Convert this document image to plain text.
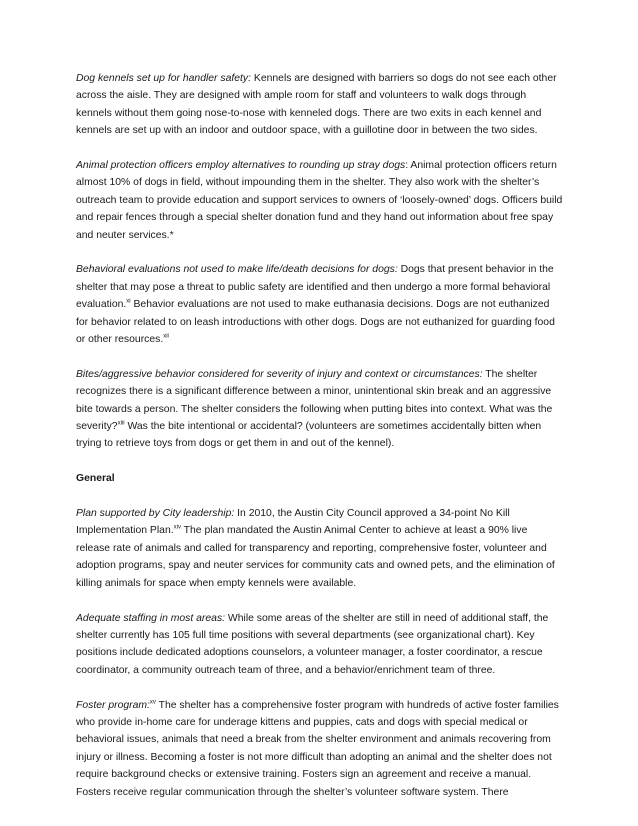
Dog kennels set up for handler safety: Kennels are designed with barriers so dogs do not see each other across the aisle. They are designed with ample room for staff and volunteers to walk dogs through kennels without them going nose-to-nose with kenneled dogs. There are two exits in each kennel and kennels are set up with an indoor and outdoor space, with a guillotine door in between the two sides.

Animal protection officers employ alternatives to rounding up stray dogs: Animal protection officers return almost 10% of dogs in field, without impounding them in the shelter. They also work with the shelter’s outreach team to provide education and support services to owners of ‘loosely-owned’ dogs. Officers build and repair fences through a special shelter donation fund and they hand out information about free spay and neuter services.*

Behavioral evaluations not used to make life/death decisions for dogs: Dogs that present behavior in the shelter that may pose a threat to public safety are identified and then undergo a more formal behavioral evaluation.$^{xi}$ Behavior evaluations are not used to make euthanasia decisions. Dogs are not euthanized for behavior related to on leash introductions with other dogs. Dogs are not euthanized for guarding food or other resources.$^{xii}$

Bites/aggressive behavior considered for severity of injury and context or circumstances: The shelter recognizes there is a significant difference between a minor, unintentional skin break and an aggressive bite towards a person. The shelter considers the following when putting bites into context. What was the severity?$^{xiii}$ Was the bite intentional or accidental? (volunteers are sometimes accidentally bitten when trying to retrieve toys from dogs or get them in and out of the kennel).

General

Plan supported by City leadership: In 2010, the Austin City Council approved a 34-point No Kill Implementation Plan.$^{xiv}$ The plan mandated the Austin Animal Center to achieve at least a 90% live release rate of animals and called for transparency and reporting, comprehensive foster, volunteer and adoption programs, spay and neuter services for community cats and owned pets, and the elimination of killing animals for space when empty kennels were available.

Adequate staffing in most areas: While some areas of the shelter are still in need of additional staff, the shelter currently has 105 full time positions with several departments (see organizational chart). Key positions include dedicated adoptions counselors, a volunteer manager, a foster coordinator, a rescue coordinator, a community outreach team of three, and a behavior/enrichment team of three.

Foster program:$^{xv}$ The shelter has a comprehensive foster program with hundreds of active foster families who provide in-home care for underage kittens and puppies, cats and dogs with special medical or behavioral issues, animals that need a break from the shelter environment and animals recovering from injury or illness. Becoming a foster is not more difficult than adopting an animal and the shelter does not require background checks or extensive training. Fosters sign an agreement and receive a manual. Fosters receive regular communication through the shelter’s volunteer software system. There
